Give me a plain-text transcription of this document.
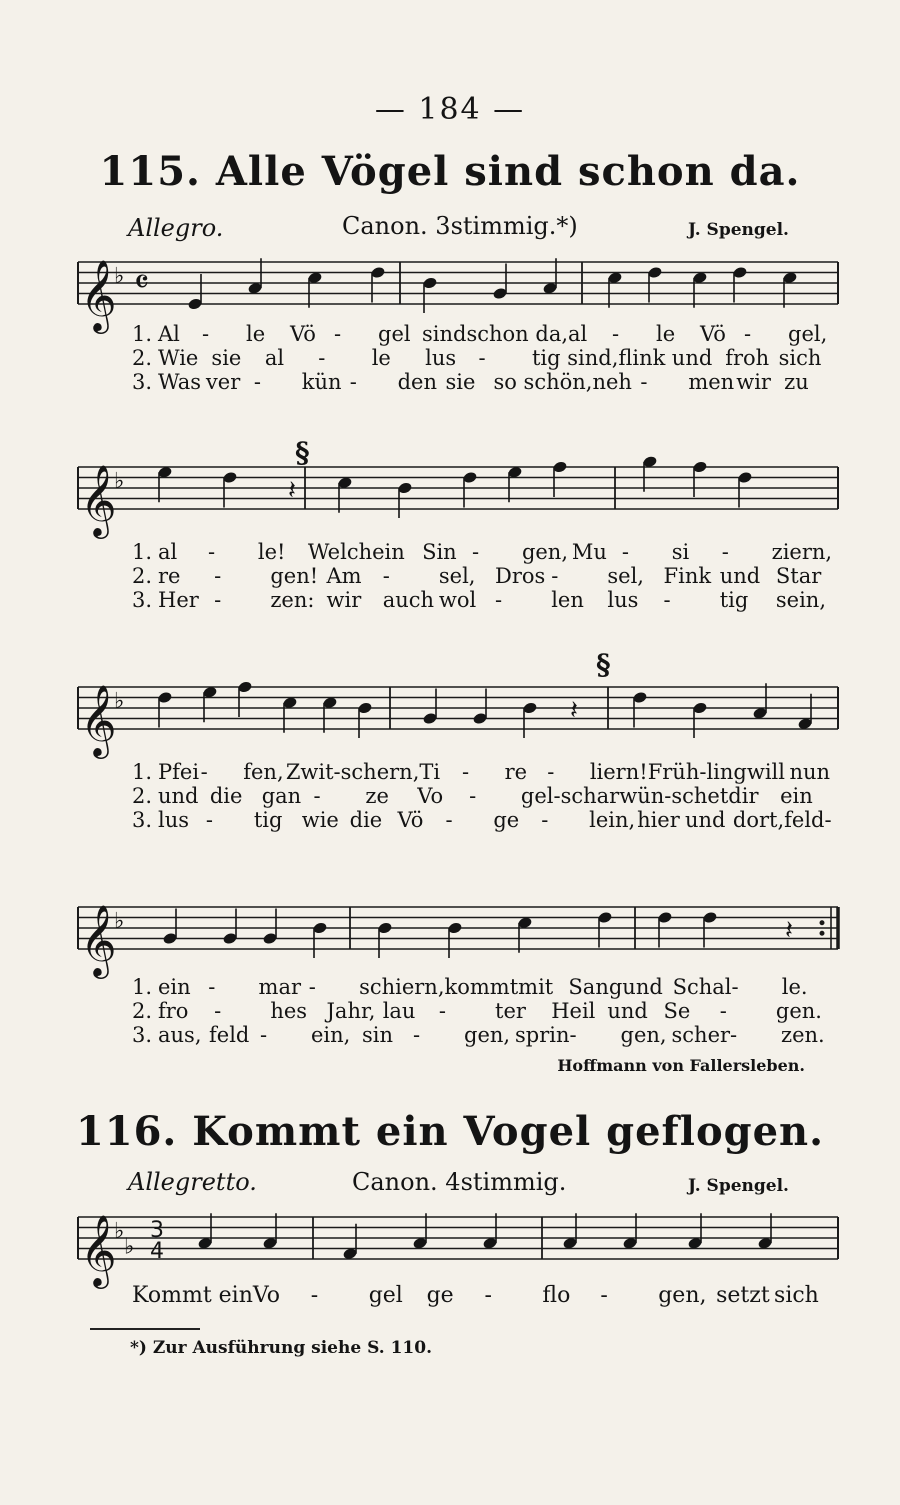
— 184 —
115. Alle Vögel sind schon da.
Allegro.	Canon. 3stimmig.*)	J. Spengel.
𝄞
♭ 𝄴
1. Al	-	le	Vö -	gel sind schon da, al	-	le	Vö -	gel,
2. Wie sie	al	-	le	lus	-	tig sind, flink und froh sich
3. Was ver -	kün -	den sie so schön, neh -	men wir zu
𝄞
♭	𝄽
§
1. al	-	le!	Welch ein Sin -	gen, Mu -	si	-	ziern,
2. re	-	gen! Am	-	sel, Dros -	sel, Fink und Star
3. Her -	zen: wir	auch wol -	len	lus	-	tig	sein,
𝄞
♭	𝄽
§
1. Pfei -	fen, Zwit-schern, Ti	-	re -	liern! Früh-ling will nun
2. und die gan -	ze	Vo	-	gel-schar wün-schet dir	ein
3. lus -	tig wie die Vö	-	ge	-	lein, hier und dort, feld-
𝄞
♭	𝄽
1. ein -	mar -	schiern, kommt mit Sang und Schal -	le.
2. fro	-	hes Jahr, lau	-	ter	Heil und Se	-	gen.
3. aus, feld -	ein, sin -	gen, sprin -	gen, scher -	zen.
Hoffmann von Fallersleben.
116. Kommt ein Vogel geflogen.
Allegretto.	Canon. 4stimmig.	J. Spengel.
𝄞
♭
♭
3
4
Kommt ein Vo	-	gel	ge	-	flo	-	gen, setzt sich
*) Zur Ausführung siehe S. 110.
